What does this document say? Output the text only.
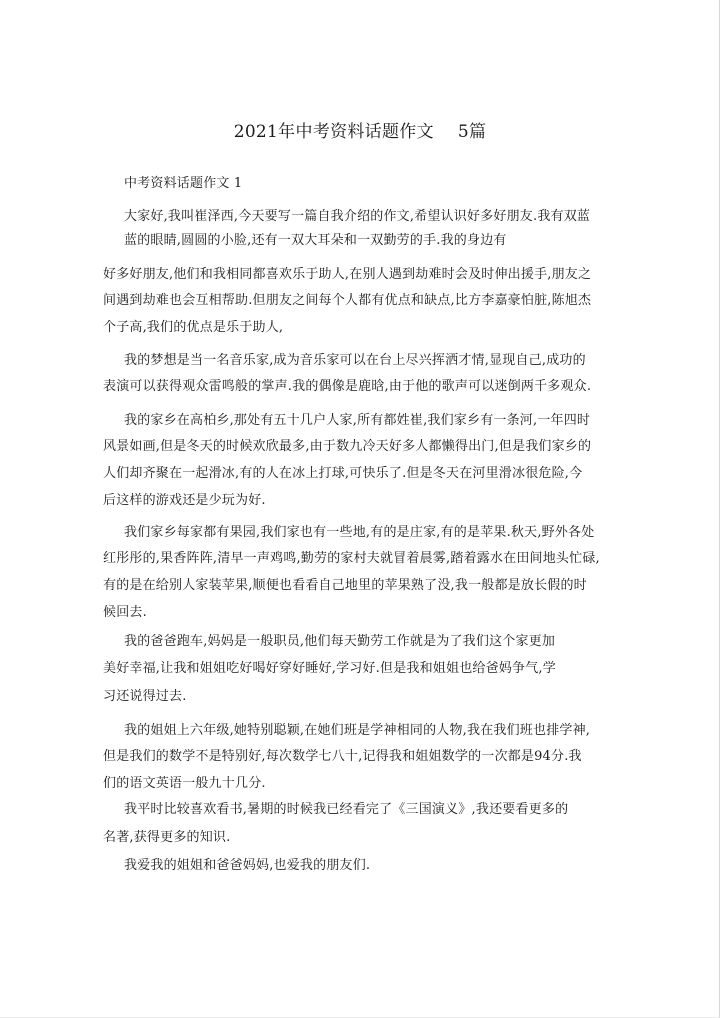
2021年中考资料话题作文 5篇
中考资料话题作文 1
大家好,我叫崔泽西,今天要写一篇自我介绍的作文,希望认识好多好朋友.我有双蓝
蓝的眼睛,圆圆的小脸,还有一双大耳朵和一双勤劳的手.我的身边有
好多好朋友,他们和我相同都喜欢乐于助人,在别人遇到劫难时会及时伸出援手,朋友之
间遇到劫难也会互相帮助.但朋友之间每个人都有优点和缺点,比方李嘉豪怕脏,陈旭杰
个子高,我们的优点是乐于助人,
我的梦想是当一名音乐家,成为音乐家可以在台上尽兴挥洒才情,显现自己,成功的
表演可以获得观众雷鸣般的掌声.我的偶像是鹿晗,由于他的歌声可以迷倒两千多观众.
我的家乡在高柏乡,那处有五十几户人家,所有都姓崔,我们家乡有一条河,一年四时
风景如画,但是冬天的时候欢欣最多,由于数九冷天好多人都懒得出门,但是我们家乡的
人们却齐聚在一起滑冰,有的人在冰上打球,可快乐了.但是冬天在河里滑冰很危险,今
后这样的游戏还是少玩为好.
我们家乡每家都有果园,我们家也有一些地,有的是庄家,有的是苹果.秋天,野外各处
红彤彤的,果香阵阵,清早一声鸡鸣,勤劳的家村夫就冒着晨雾,踏着露水在田间地头忙碌,
有的是在给别人家装苹果,顺便也看看自己地里的苹果熟了没,我一般都是放长假的时
候回去.
我的爸爸跑车,妈妈是一般职员,他们每天勤劳工作就是为了我们这个家更加
美好幸福,让我和姐姐吃好喝好穿好睡好,学习好.但是我和姐姐也给爸妈争气,学
习还说得过去.
我的姐姐上六年级,她特别聪颖,在她们班是学神相同的人物,我在我们班也排学神,
但是我们的数学不是特别好,每次数学七八十,记得我和姐姐数学的一次都是94分.我
们的语文英语一般九十几分.
我平时比较喜欢看书,暑期的时候我已经看完了《三国演义》,我还要看更多的
名著,获得更多的知识.
我爱我的姐姐和爸爸妈妈,也爱我的朋友们.
